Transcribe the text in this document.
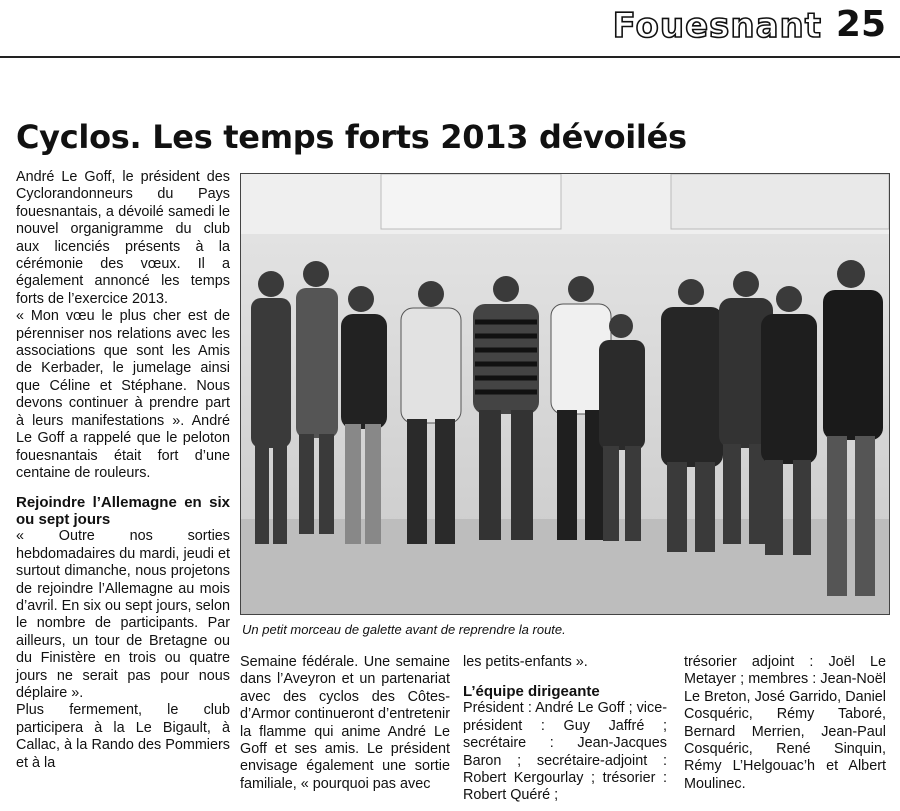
Fouesnant 25
Cyclos. Les temps forts 2013 dévoilés

André Le Goff, le président des Cyclorandonneurs du Pays fouesnantais, a dévoilé samedi le nouvel organigramme du club aux licenciés présents à la cérémonie des vœux. Il a également annoncé les temps forts de l’exercice 2013.

« Mon vœu le plus cher est de pérenniser nos relations avec les associations que sont les Amis de Kerbader, le jumelage ainsi que Céline et Stéphane. Nous devons continuer à prendre part à leurs manifestations ». André Le Goff a rappelé que le peloton fouesnantais était fort d’une centaine de rouleurs.

Rejoindre l’Allemagne en six ou sept jours

« Outre nos sorties hebdomadaires du mardi, jeudi et surtout dimanche, nous projetons de rejoindre l’Allemagne au mois d’avril. En six ou sept jours, selon le nombre de participants. Par ailleurs, un tour de Bretagne ou du Finistère en trois ou quatre jours ne serait pas pour nous déplaire ».

Plus fermement, le club participera à la Le Bigault, à Callac, à la Rando des Pommiers et à la

Un petit morceau de galette avant de reprendre la route.

Semaine fédérale. Une semaine dans l’Aveyron et un partenariat avec des cyclos des Côtes-d’Armor continueront d’entretenir la flamme qui anime André Le Goff et ses amis. Le président envisage également une sortie familiale, « pourquoi pas avec

les petits-enfants ».

L’équipe dirigeante

Président : André Le Goff ; vice-président : Guy Jaffré ; secrétaire : Jean-Jacques Baron ; secrétaire-adjoint : Robert Kergourlay ; trésorier : Robert Quéré ;

trésorier adjoint : Joël Le Metayer ; membres : Jean-Noël Le Breton, José Garrido, Daniel Cosquéric, Rémy Taboré, Bernard Merrien, Jean-Paul Cosquéric, René Sinquin, Rémy L’Helgouac’h et Albert Moulinec.
